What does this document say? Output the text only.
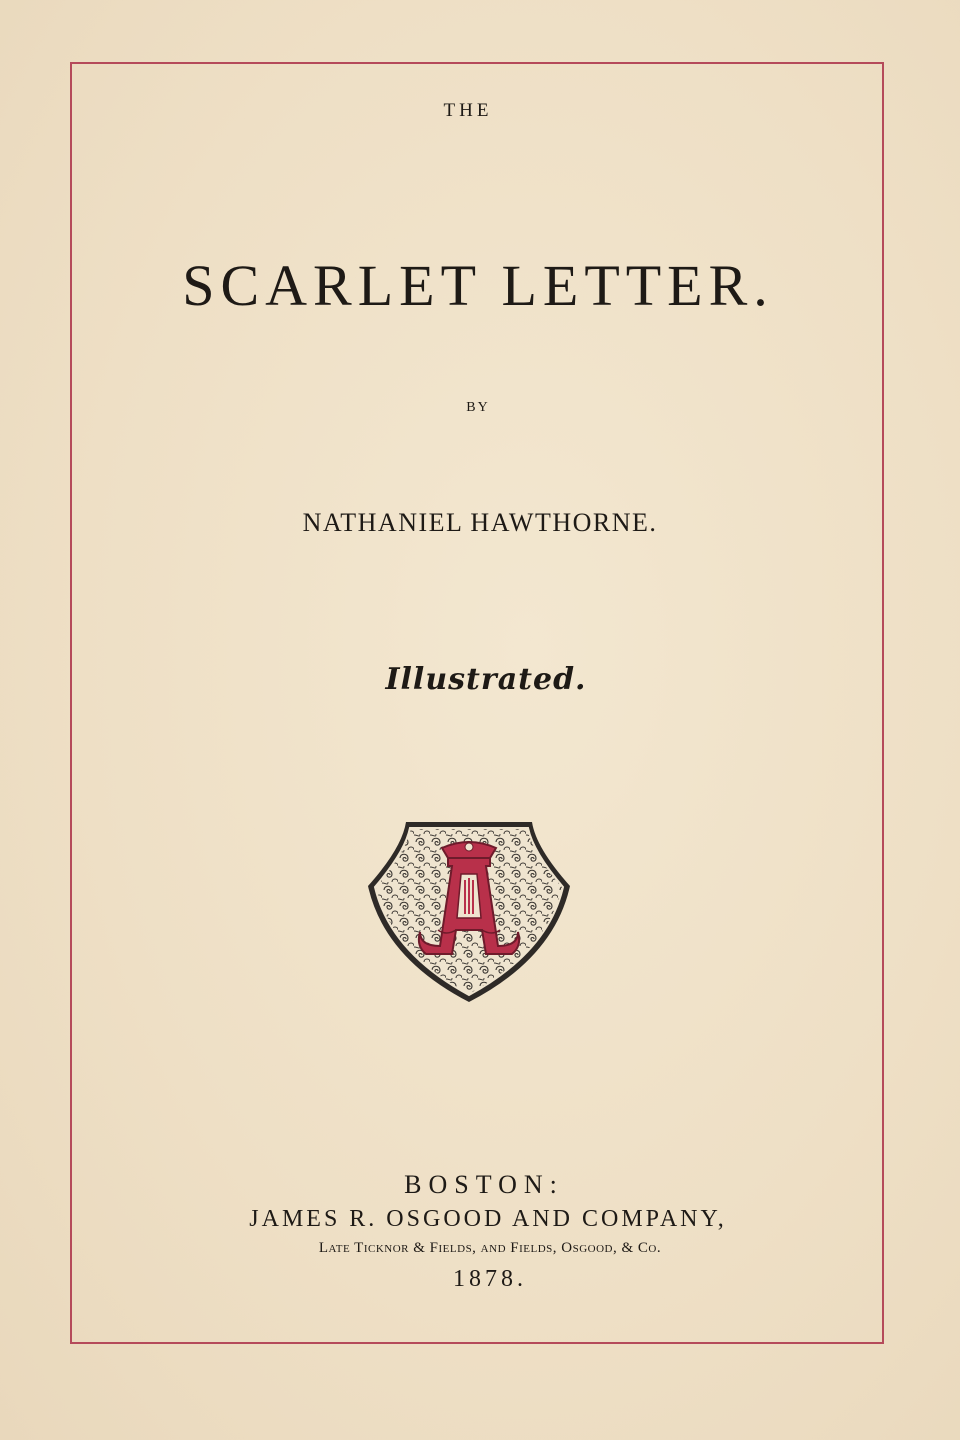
THE
SCARLET LETTER.
BY
NATHANIEL HAWTHORNE.
Illustrated.
BOSTON:
JAMES R. OSGOOD AND COMPANY,
Late Ticknor & Fields, and Fields, Osgood, & Co.
1878.
